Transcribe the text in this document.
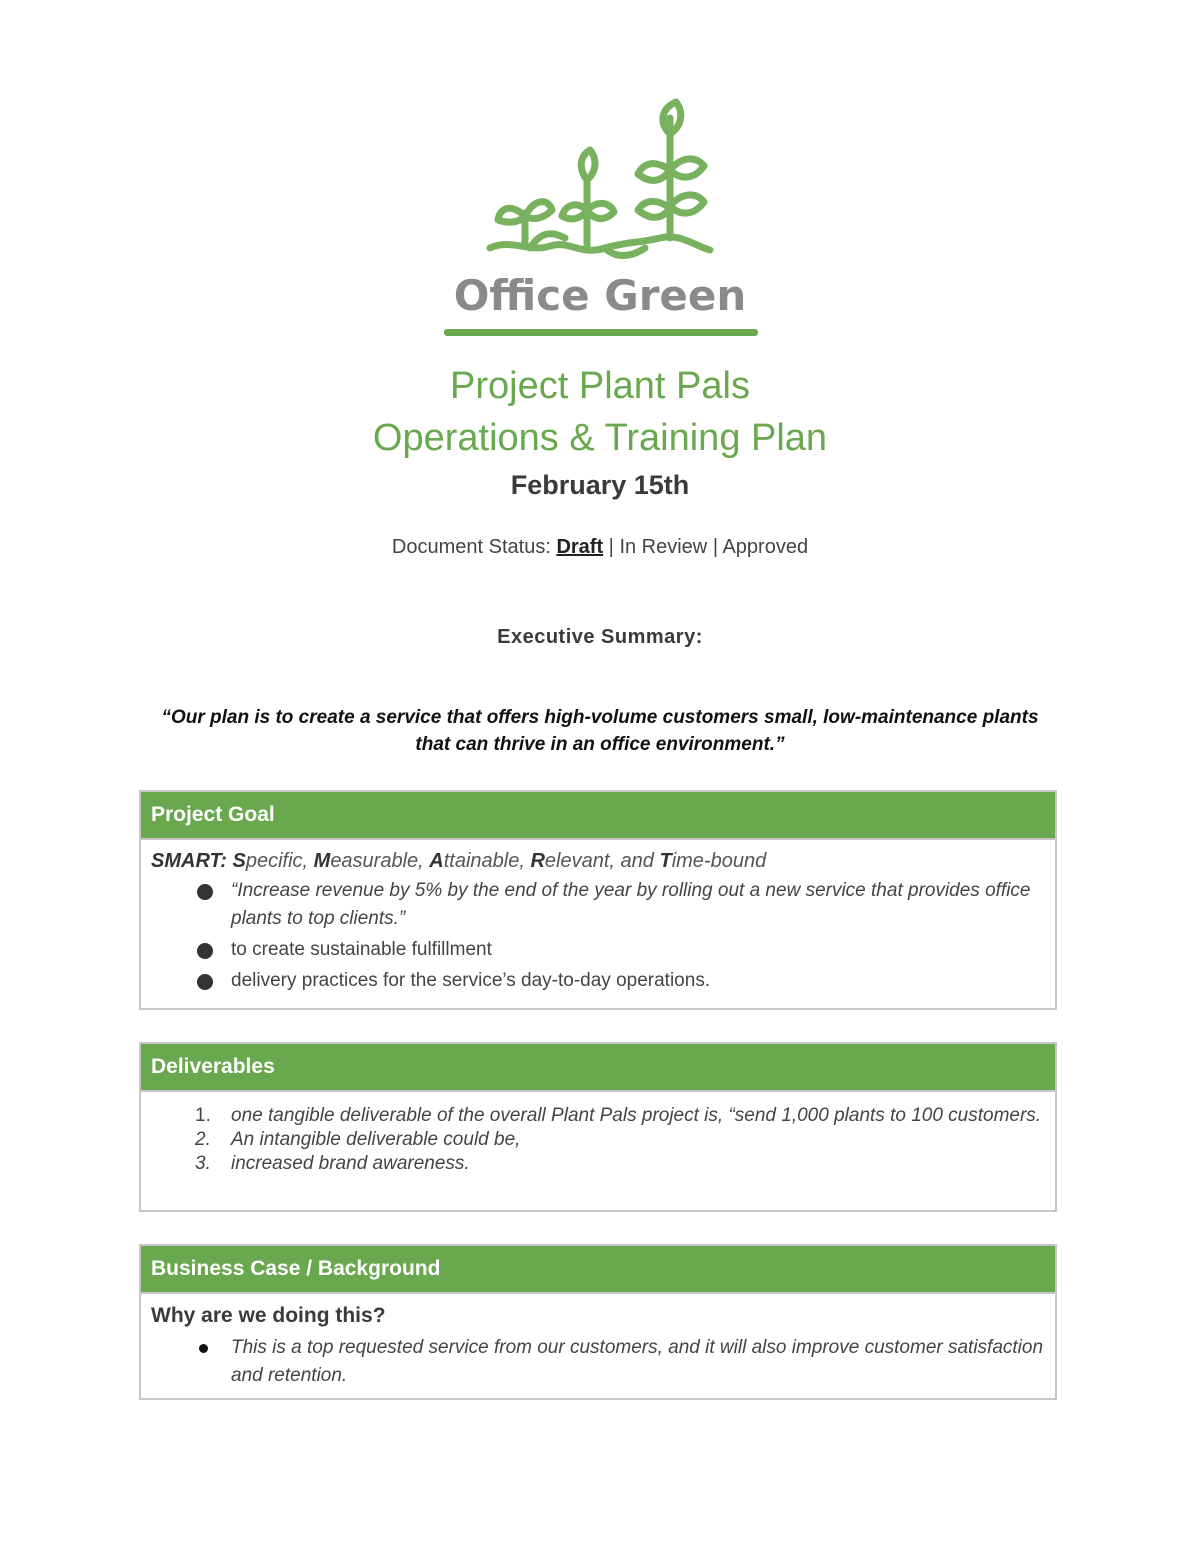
Office Green
Project Plant Pals
Operations & Training Plan
February 15th
Document Status: Draft | In Review | Approved
Executive Summary:
“Our plan is to create a service that offers high-volume customers small, low-maintenance plants
that can thrive in an office environment.”
Project Goal
SMART: Specific, Measurable, Attainable, Relevant, and Time-bound
“Increase revenue by 5% by the end of the year by rolling out a new service that provides office plants to top clients.”
to create sustainable fulfillment
delivery practices for the service’s day-to-day operations.
Deliverables
1. one tangible deliverable of the overall Plant Pals project is, “send 1,000 plants to 100 customers.
2. An intangible deliverable could be,
3. increased brand awareness.
Business Case / Background
Why are we doing this?
This is a top requested service from our customers, and it will also improve customer satisfaction and retention.
